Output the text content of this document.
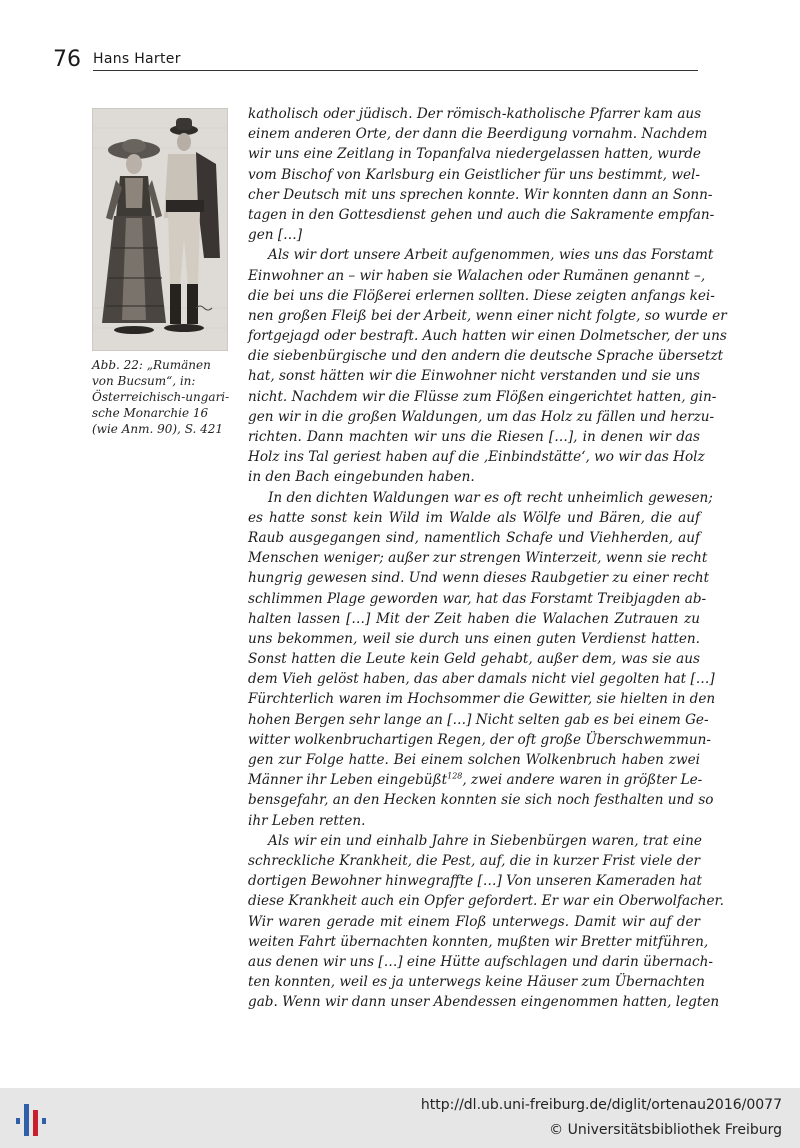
76 Hans Harter
Abb. 22: „Rumänen
von Bucsum“, in:
Österreichisch-ungari-
sche Monarchie 16
(wie Anm. 90), S. 421
katholisch oder jüdisch. Der römisch-katholische Pfarrer kam aus
einem anderen Orte, der dann die Beerdigung vornahm. Nachdem
wir uns eine Zeitlang in Topanfalva niedergelassen hatten, wurde
vom Bischof von Karlsburg ein Geistlicher für uns bestimmt, wel-
cher Deutsch mit uns sprechen konnte. Wir konnten dann an Sonn-
tagen in den Gottesdienst gehen und auch die Sakramente empfan-
gen […]
Als wir dort unsere Arbeit aufgenommen, wies uns das Forstamt
Einwohner an – wir haben sie Walachen oder Rumänen genannt –,
die bei uns die Flößerei erlernen sollten. Diese zeigten anfangs kei-
nen großen Fleiß bei der Arbeit, wenn einer nicht folgte, so wurde er
fortgejagd oder bestraft. Auch hatten wir einen Dolmetscher, der uns
die siebenbürgische und den andern die deutsche Sprache übersetzt
hat, sonst hätten wir die Einwohner nicht verstanden und sie uns
nicht. Nachdem wir die Flüsse zum Flößen eingerichtet hatten, gin-
gen wir in die großen Waldungen, um das Holz zu fällen und herzu-
richten. Dann machten wir uns die Riesen […], in denen wir das
Holz ins Tal geriest haben auf die ‚Einbindstätte‘, wo wir das Holz
in den Bach eingebunden haben.
In den dichten Waldungen war es oft recht unheimlich gewesen;
es hatte sonst kein Wild im Walde als Wölfe und Bären, die auf
Raub ausgegangen sind, namentlich Schafe und Viehherden, auf
Menschen weniger; außer zur strengen Winterzeit, wenn sie recht
hungrig gewesen sind. Und wenn dieses Raubgetier zu einer recht
schlimmen Plage geworden war, hat das Forstamt Treibjagden ab-
halten lassen […] Mit der Zeit haben die Walachen Zutrauen zu
uns bekommen, weil sie durch uns einen guten Verdienst hatten.
Sonst hatten die Leute kein Geld gehabt, außer dem, was sie aus
dem Vieh gelöst haben, das aber damals nicht viel gegolten hat […]
Fürchterlich waren im Hochsommer die Gewitter, sie hielten in den
hohen Bergen sehr lange an […] Nicht selten gab es bei einem Ge-
witter wolkenbruchartigen Regen, der oft große Überschwemmun-
gen zur Folge hatte. Bei einem solchen Wolkenbruch haben zwei
Männer ihr Leben eingebüßt$^{128}$, zwei andere waren in größter Le-
bensgefahr, an den Hecken konnten sie sich noch festhalten und so
ihr Leben retten.
Als wir ein und einhalb Jahre in Siebenbürgen waren, trat eine
schreckliche Krankheit, die Pest, auf, die in kurzer Frist viele der
dortigen Bewohner hinwegraffte […] Von unseren Kameraden hat
diese Krankheit auch ein Opfer gefordert. Er war ein Oberwolfacher.
Wir waren gerade mit einem Floß unterwegs. Damit wir auf der
weiten Fahrt übernachten konnten, mußten wir Bretter mitführen,
aus denen wir uns […] eine Hütte aufschlagen und darin übernach-
ten konnten, weil es ja unterwegs keine Häuser zum Übernachten
gab. Wenn wir dann unser Abendessen eingenommen hatten, legten
http://dl.ub.uni-freiburg.de/diglit/ortenau2016/0077
© Universitätsbibliothek Freiburg
